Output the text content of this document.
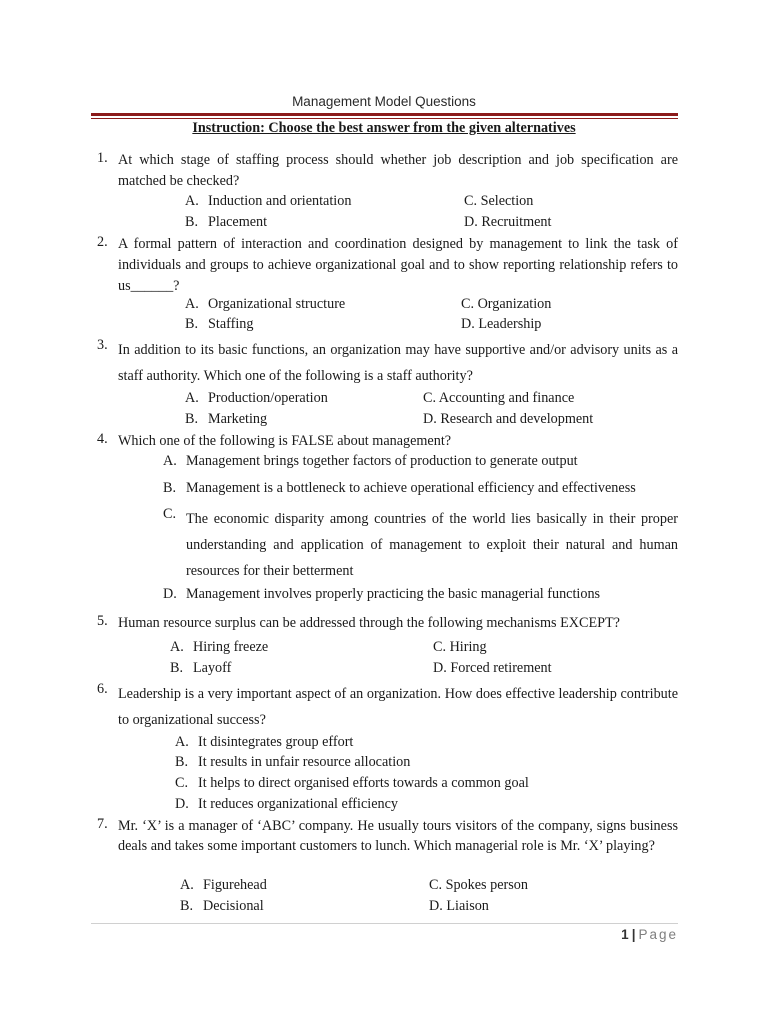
Management Model Questions
Instruction: Choose the best answer from the given alternatives
1. At which stage of staffing process should whether job description and job specification are matched be checked?
A. Induction and orientation	C. Selection
B. Placement	D. Recruitment
2. A formal pattern of interaction and coordination designed by management to link the task of individuals and groups to achieve organizational goal and to show reporting relationship refers to us______?
A. Organizational structure	C. Organization
B. Staffing	D. Leadership
3. In addition to its basic functions, an organization may have supportive and/or advisory units as a staff authority. Which one of the following is a staff authority?
A. Production/operation	C. Accounting and finance
B. Marketing	D. Research and development
4. Which one of the following is FALSE about management?
A. Management brings together factors of production to generate output
B. Management is a bottleneck to achieve operational efficiency and effectiveness
C. The economic disparity among countries of the world lies basically in their proper understanding and application of management to exploit their natural and human resources for their betterment
D. Management involves properly practicing the basic managerial functions
5. Human resource surplus can be addressed through the following mechanisms EXCEPT?
A. Hiring freeze	C. Hiring
B. Layoff	D. Forced retirement
6. Leadership is a very important aspect of an organization. How does effective leadership contribute to organizational success?
A. It disintegrates group effort
B. It results in unfair resource allocation
C. It helps to direct organised efforts towards a common goal
D. It reduces organizational efficiency
7. Mr. ‘X’ is a manager of ‘ABC’ company. He usually tours visitors of the company, signs business deals and takes some important customers to lunch. Which managerial role is Mr. ‘X’ playing?
A. Figurehead	C. Spokes person
B. Decisional	D. Liaison
1 | Page
